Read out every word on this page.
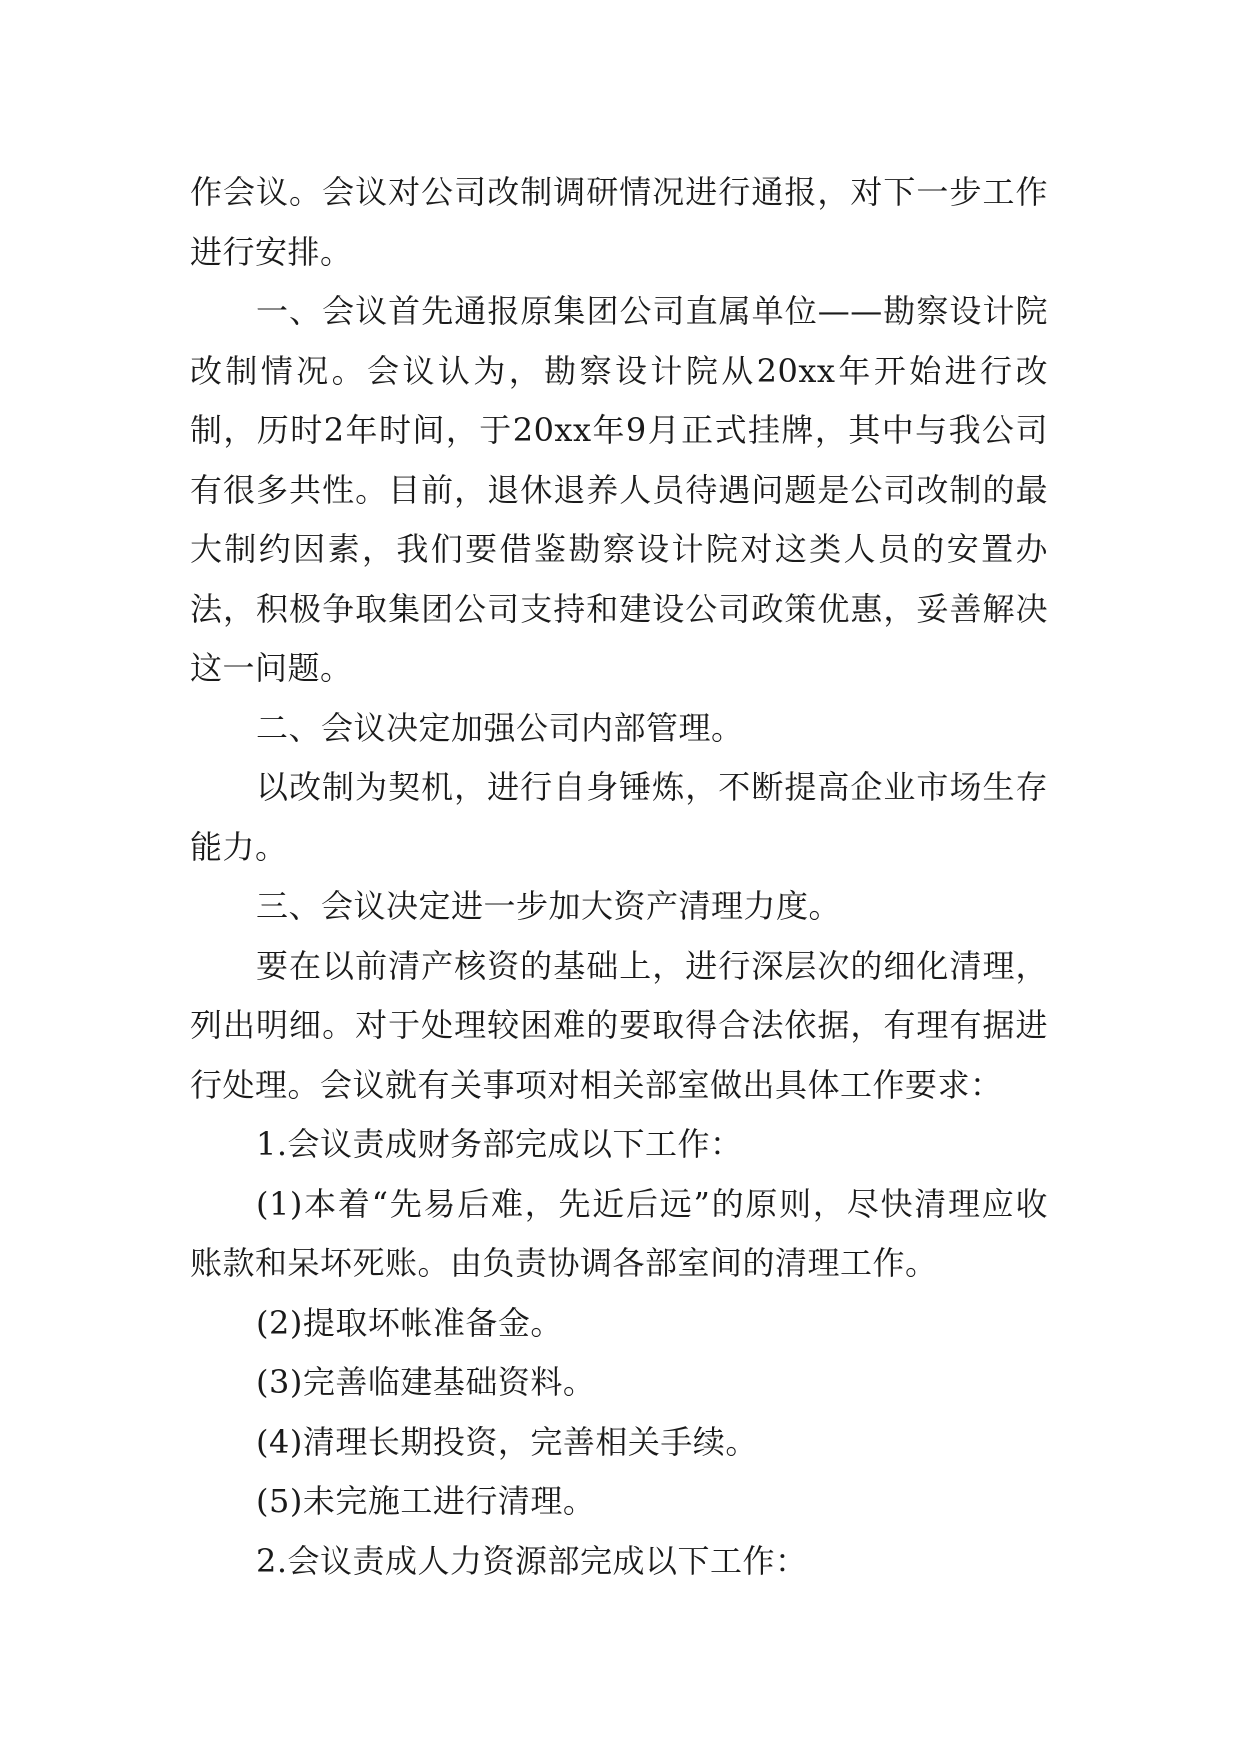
作会议。会议对公司改制调研情况进行通报，对下一步工作进行安排。

一、会议首先通报原集团公司直属单位——勘察设计院改制情况。会议认为，勘察设计院从20xx年开始进行改制，历时2年时间，于20xx年9月正式挂牌，其中与我公司有很多共性。目前，退休退养人员待遇问题是公司改制的最大制约因素，我们要借鉴勘察设计院对这类人员的安置办法，积极争取集团公司支持和建设公司政策优惠，妥善解决这一问题。

二、会议决定加强公司内部管理。

以改制为契机，进行自身锤炼，不断提高企业市场生存能力。

三、会议决定进一步加大资产清理力度。

要在以前清产核资的基础上，进行深层次的细化清理，列出明细。对于处理较困难的要取得合法依据，有理有据进行处理。会议就有关事项对相关部室做出具体工作要求：

1.会议责成财务部完成以下工作：

(1)本着“先易后难，先近后远”的原则，尽快清理应收账款和呆坏死账。由负责协调各部室间的清理工作。

(2)提取坏帐准备金。

(3)完善临建基础资料。

(4)清理长期投资，完善相关手续。

(5)未完施工进行清理。

2.会议责成人力资源部完成以下工作：
